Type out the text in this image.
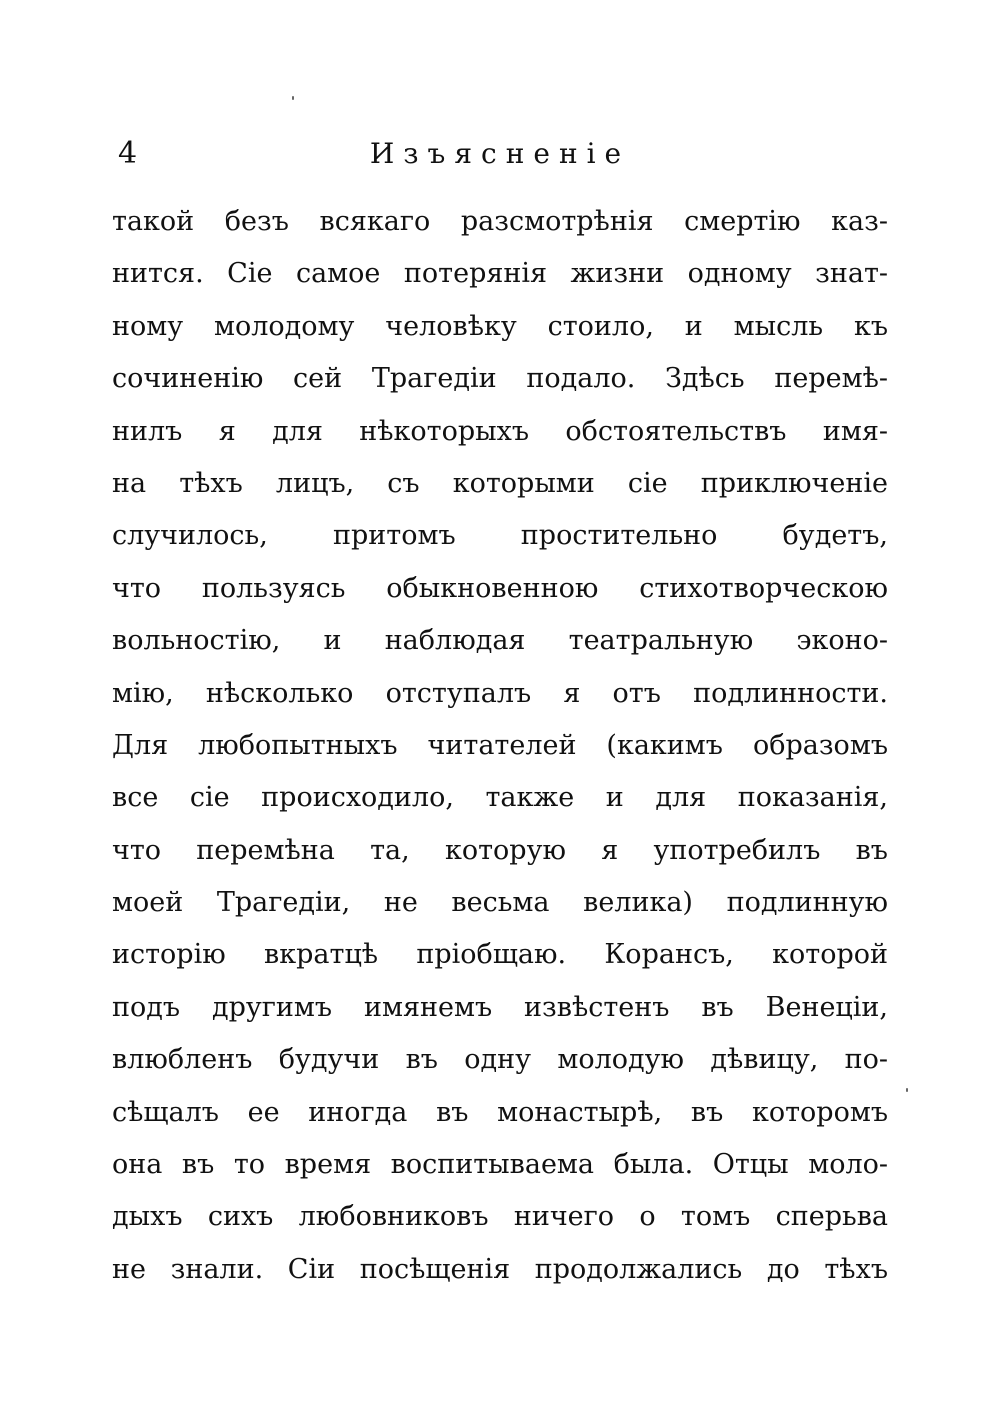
4	Изъясненіе
такой безъ всякаго разсмотрѣнія смертію каз-
нится. Сіе самое потерянія жизни одному знат-
ному молодому человѣку стоило, и мысль къ
сочиненію сей Трагедіи подало. Здѣсь перемѣ-
нилъ я для нѣкоторыхъ обстоятельствъ имя-
на тѣхъ лицъ, съ которыми сіе приключеніе
случилось, притомъ простительно будетъ,
что пользуясь обыкновенною стихотворческою
вольностію, и наблюдая театральную эконо-
мію, нѣсколько отступалъ я отъ подлинности.
Для любопытныхъ читателей (какимъ образомъ
все сіе происходило, также и для показанія,
что перемѣна та, которую я употребилъ въ
моей Трагедіи, не весьма велика) подлинную
исторію вкратцѣ пріобщаю. Корансъ, которой
подъ другимъ имянемъ извѣстенъ въ Венеціи,
влюбленъ будучи въ одну молодую дѣвицу, по-
сѣщалъ ее иногда въ монастырѣ, въ которомъ
она въ то время воспитываема была. Отцы моло-
дыхъ сихъ любовниковъ ничего о томъ сперьва
не знали. Сіи посѣщенія продолжались до тѣхъ
